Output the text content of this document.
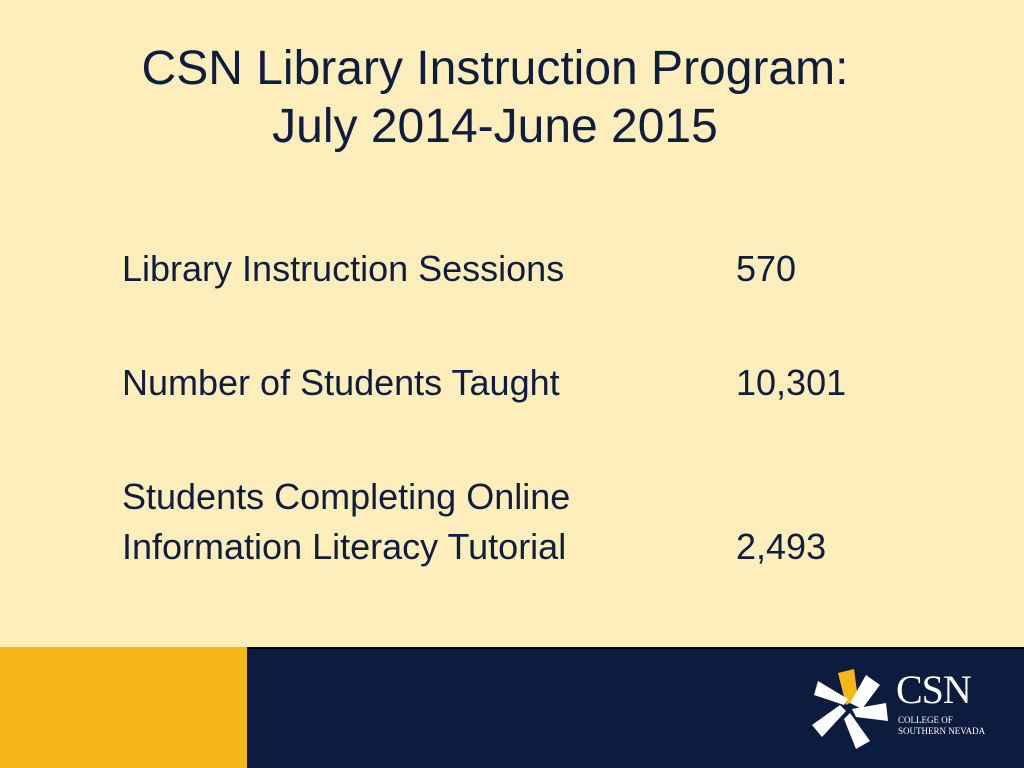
CSN Library Instruction Program:
July 2014-June 2015
Library Instruction Sessions	570
Number of Students Taught	10,301
Students Completing Online
Information Literacy Tutorial	2,493
CSN
COLLEGE OF
SOUTHERN NEVADA
